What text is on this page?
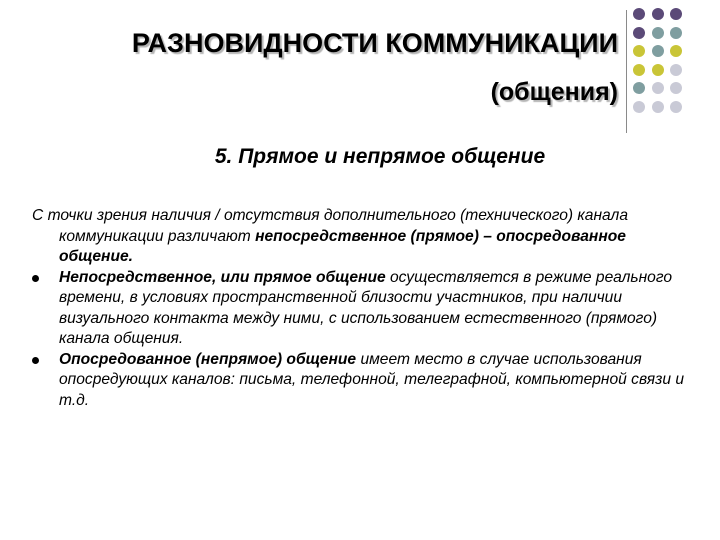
РАЗНОВИДНОСТИ КОММУНИКАЦИИ
(общения)
5. Прямое и непрямое общение

С точки зрения наличия / отсутствия дополнительного (технического) канала коммуникации различают непосредственное (прямое) – опосредованное общение.

Непосредственное, или прямое общение осуществляется в режиме реального времени, в условиях пространственной близости участников, при наличии визуального контакта между ними, с использованием естественного (прямого) канала общения.
Опосредованное (непрямое) общение имеет место в случае использования опосредующих каналов: письма, телефонной, телеграфной, компьютерной связи и т.д.
